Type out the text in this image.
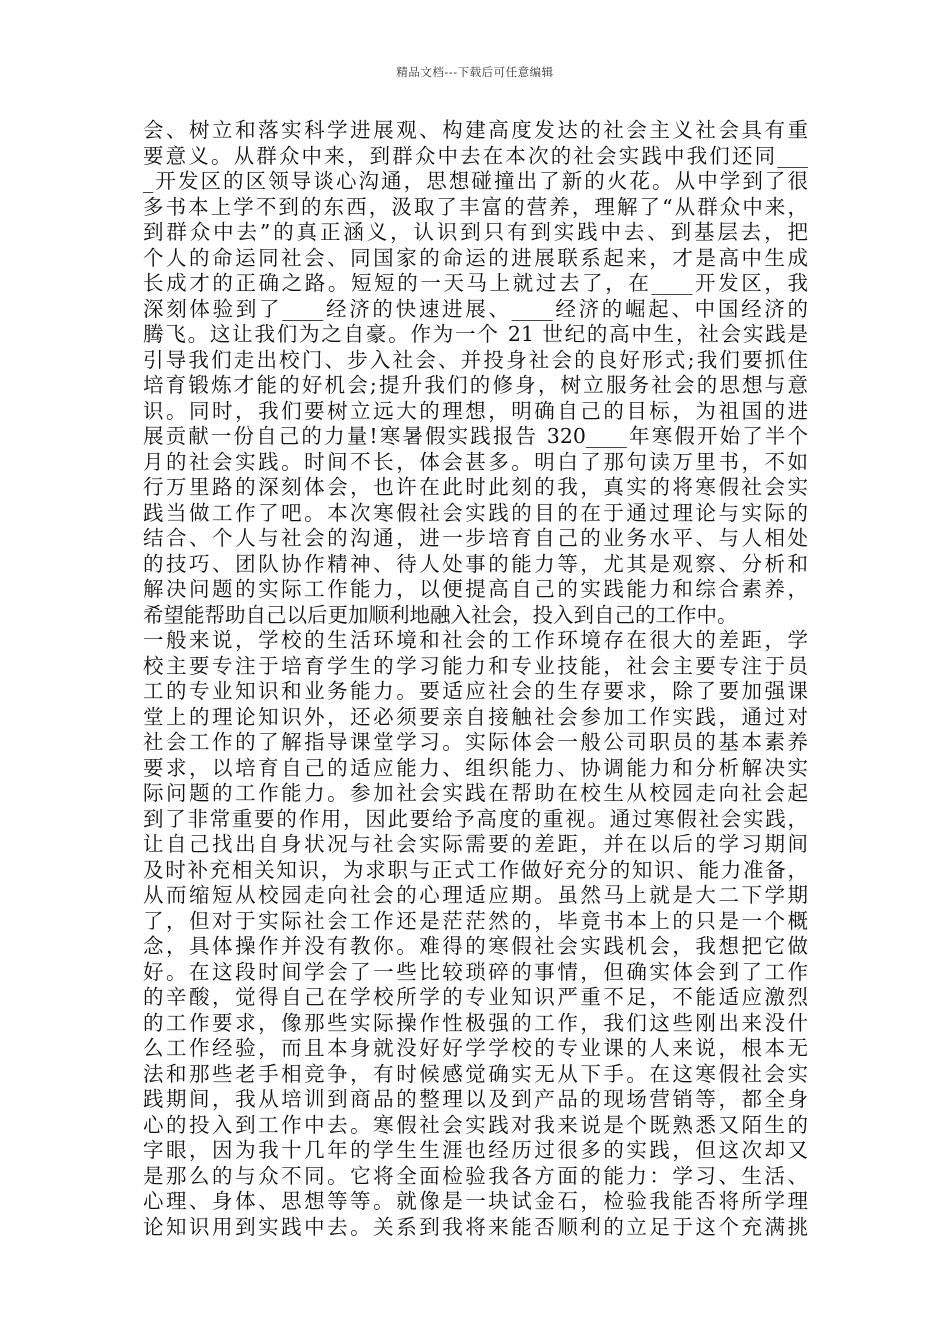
精品文档---下载后可任意编辑
会、树立和落实科学进展观、构建高度发达的社会主义社会具有重
要意义。从群众中来，到群众中去在本次的社会实践中我们还同___
_开发区的区领导谈心沟通，思想碰撞出了新的火花。从中学到了很
多书本上学不到的东西，汲取了丰富的营养，理解了“从群众中来，
到群众中去”的真正涵义，认识到只有到实践中去、到基层去，把
个人的命运同社会、同国家的命运的进展联系起来，才是高中生成
长成才的正确之路。短短的一天马上就过去了，在____开发区，我
深刻体验到了____经济的快速进展、____经济的崛起、中国经济的
腾飞。这让我们为之自豪。作为一个 21 世纪的高中生，社会实践是
引导我们走出校门、步入社会、并投身社会的良好形式;我们要抓住
培育锻炼才能的好机会;提升我们的修身，树立服务社会的思想与意
识。同时，我们要树立远大的理想，明确自己的目标，为祖国的进
展贡献一份自己的力量!寒暑假实践报告 320____年寒假开始了半个
月的社会实践。时间不长，体会甚多。明白了那句读万里书，不如
行万里路的深刻体会，也许在此时此刻的我，真实的将寒假社会实
践当做工作了吧。本次寒假社会实践的目的在于通过理论与实际的
结合、个人与社会的沟通，进一步培育自己的业务水平、与人相处
的技巧、团队协作精神、待人处事的能力等，尤其是观察、分析和
解决问题的实际工作能力，以便提高自己的实践能力和综合素养，
希望能帮助自己以后更加顺利地融入社会，投入到自己的工作中。
一般来说，学校的生活环境和社会的工作环境存在很大的差距，学
校主要专注于培育学生的学习能力和专业技能，社会主要专注于员
工的专业知识和业务能力。要适应社会的生存要求，除了要加强课
堂上的理论知识外，还必须要亲自接触社会参加工作实践，通过对
社会工作的了解指导课堂学习。实际体会一般公司职员的基本素养
要求，以培育自己的适应能力、组织能力、协调能力和分析解决实
际问题的工作能力。参加社会实践在帮助在校生从校园走向社会起
到了非常重要的作用，因此要给予高度的重视。通过寒假社会实践，
让自己找出自身状况与社会实际需要的差距，并在以后的学习期间
及时补充相关知识，为求职与正式工作做好充分的知识、能力准备，
从而缩短从校园走向社会的心理适应期。虽然马上就是大二下学期
了，但对于实际社会工作还是茫茫然的，毕竟书本上的只是一个概
念，具体操作并没有教你。难得的寒假社会实践机会，我想把它做
好。在这段时间学会了一些比较琐碎的事情，但确实体会到了工作
的辛酸，觉得自己在学校所学的专业知识严重不足，不能适应激烈
的工作要求，像那些实际操作性极强的工作，我们这些刚出来没什
么工作经验，而且本身就没好好学学校的专业课的人来说，根本无
法和那些老手相竞争，有时候感觉确实无从下手。在这寒假社会实
践期间，我从培训到商品的整理以及到产品的现场营销等，都全身
心的投入到工作中去。寒假社会实践对我来说是个既熟悉又陌生的
字眼，因为我十几年的学生生涯也经历过很多的实践，但这次却又
是那么的与众不同。它将全面检验我各方面的能力：学习、生活、
心理、身体、思想等等。就像是一块试金石，检验我能否将所学理
论知识用到实践中去。关系到我将来能否顺利的立足于这个充满挑
